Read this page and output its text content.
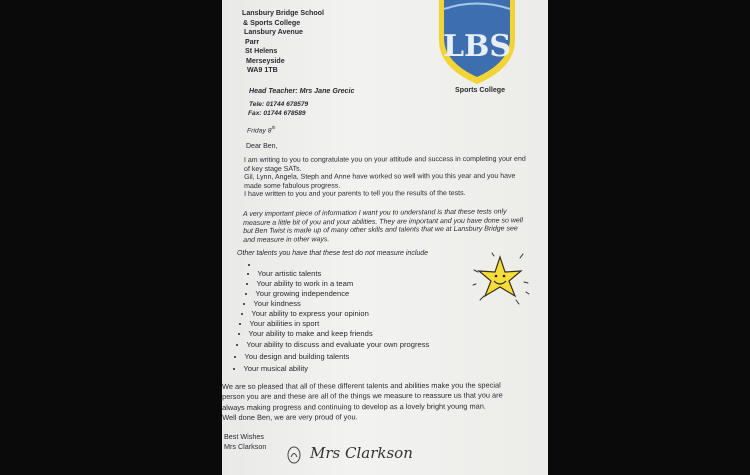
Lansbury Bridge School
& Sports College
Lansbury Avenue
Parr
St Helens
Merseyside
WA9 1TB
LBS
Sports College
Head Teacher: Mrs Jane Grecic
Tele: 01744 678579
Fax: 01744 678589
Friday 8th
Dear Ben,
I am writing to you to congratulate you on your attitude and success in completing your end
of key stage SATs.
Gil, Lynn, Angela, Steph and Anne have worked so well with you this year and you have
made some fabulous progress.
I have written to you and your parents to tell you the results of the tests.
A very important piece of information I want you to understand is that these tests only
measure a little bit of you and your abilities. They are important and you have done so well
but Ben Twist is made up of many other skills and talents that we at Lansbury Bridge see
and measure in other ways.
Other talents you have that these test do not measure include
Your artistic talents
Your ability to work in a team
Your growing independence
Your kindness
Your ability to express your opinion
Your abilities in sport
Your ability to make and keep friends
Your ability to discuss and evaluate your own progress
You design and building talents
Your musical ability
We are so pleased that all of these different talents and abilities make you the special
person you are and these are all of the things we measure to reassure us that you are
always making progress and continuing to develop as a lovely bright young man.
Well done Ben, we are very proud of you.
Best Wishes
Mrs Clarkson	Mrs Clarkson
